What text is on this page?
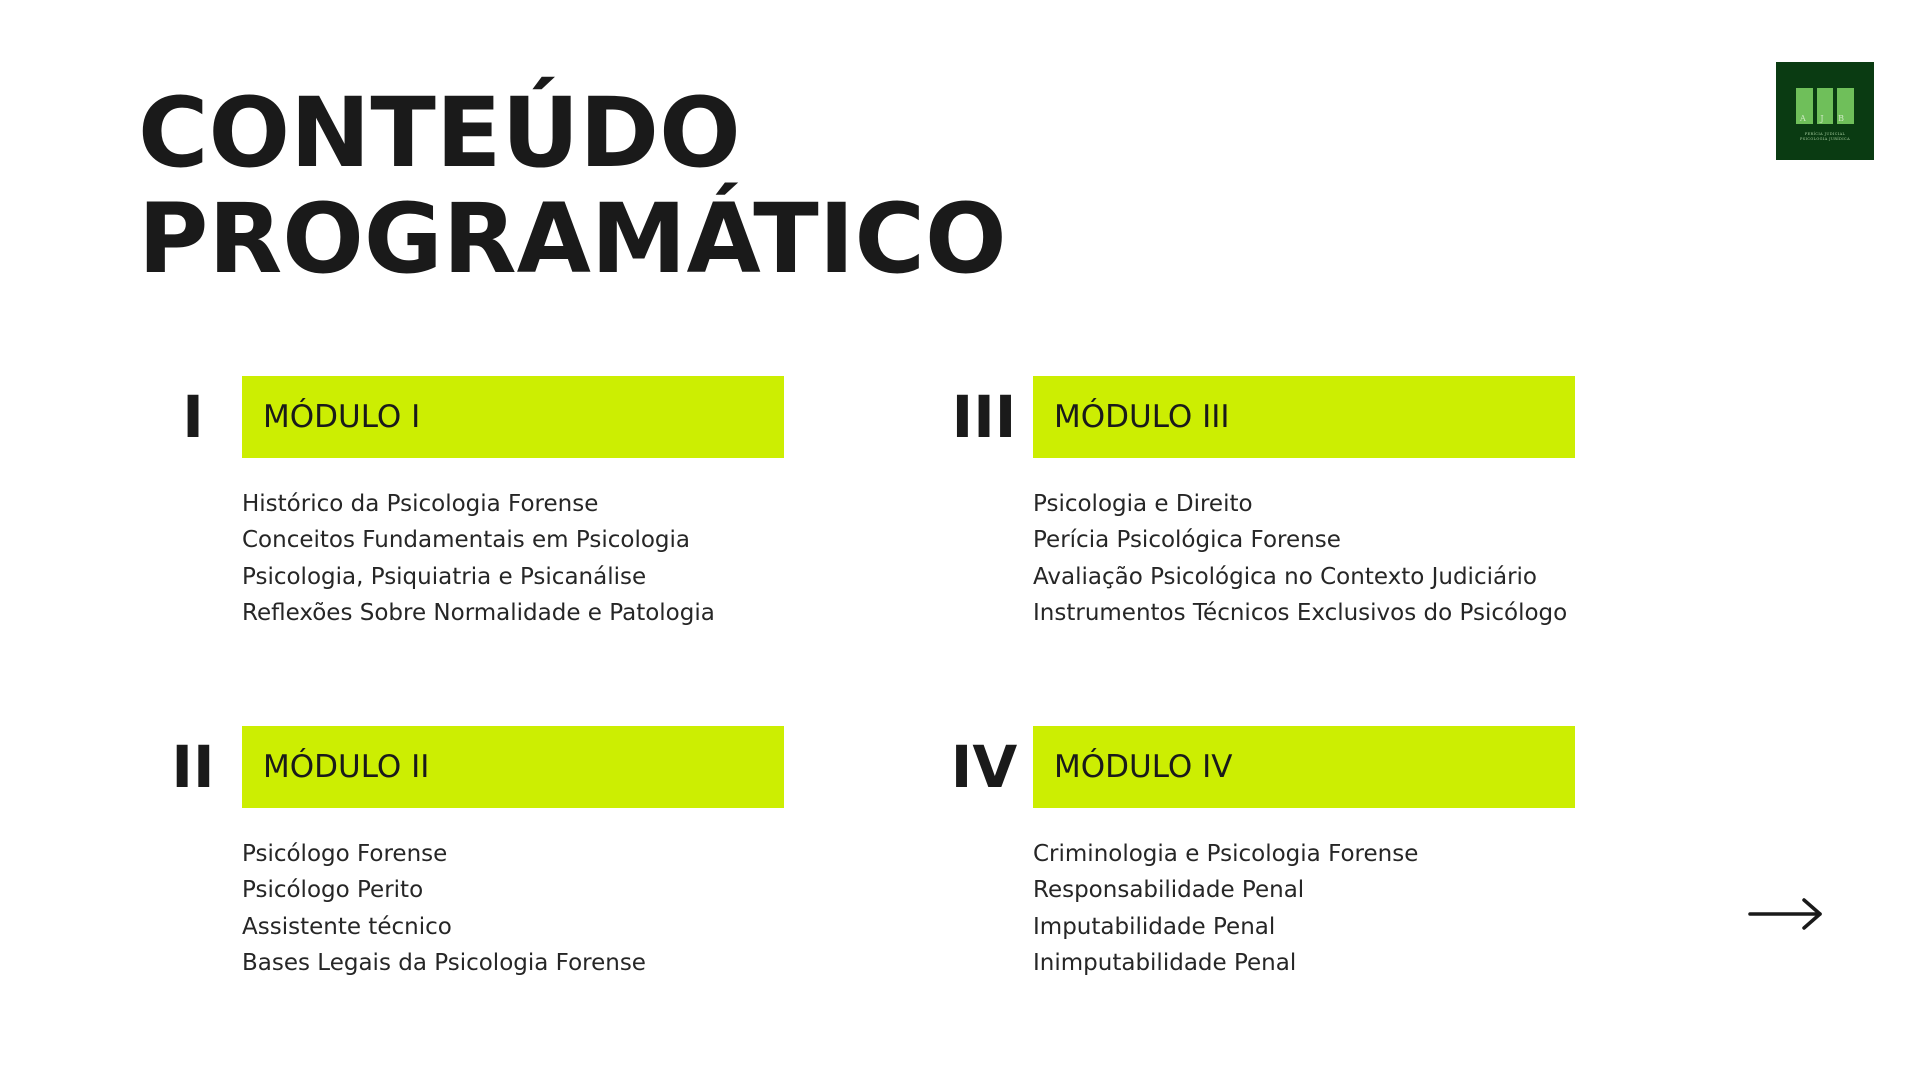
CONTEÚDO
PROGRAMÁTICO
A J B
PERÍCIA JUDICIAL
PSICOLOGIA JURÍDICA
I	MÓDULO I
Histórico da Psicologia Forense
Conceitos Fundamentais em Psicologia
Psicologia, Psiquiatria e Psicanálise
Reflexões Sobre Normalidade e Patologia
II	MÓDULO II
Psicólogo Forense
Psicólogo Perito
Assistente técnico
Bases Legais da Psicologia Forense
III	MÓDULO III
Psicologia e Direito
Perícia Psicológica Forense
Avaliação Psicológica no Contexto Judiciário
Instrumentos Técnicos Exclusivos do Psicólogo
IV	MÓDULO IV
Criminologia e Psicologia Forense
Responsabilidade Penal
Imputabilidade Penal
Inimputabilidade Penal
